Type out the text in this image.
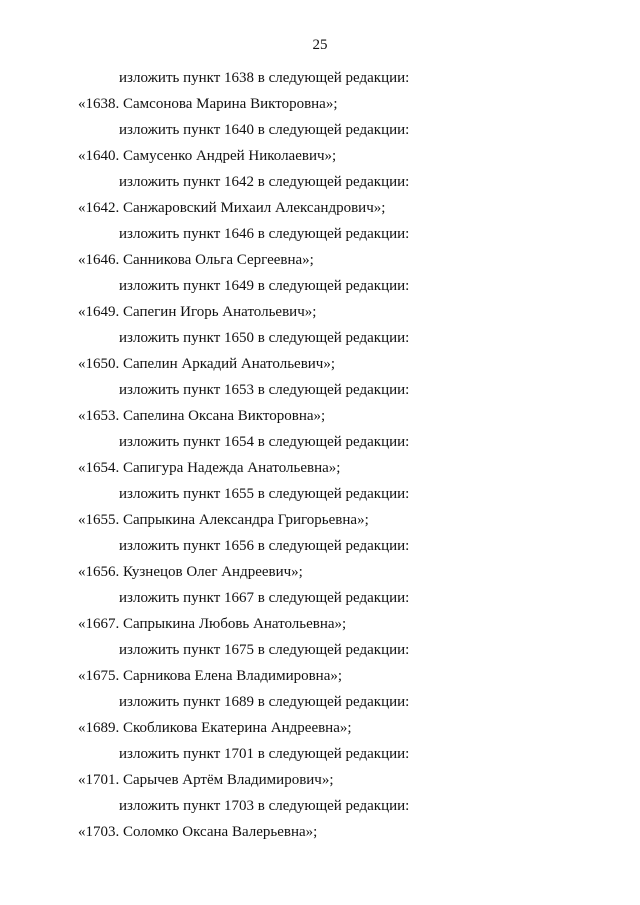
25
изложить пункт 1638 в следующей редакции:
«1638. Самсонова Марина Викторовна»;
изложить пункт 1640 в следующей редакции:
«1640. Самусенко Андрей Николаевич»;
изложить пункт 1642 в следующей редакции:
«1642. Санжаровский Михаил Александрович»;
изложить пункт 1646 в следующей редакции:
«1646. Санникова Ольга Сергеевна»;
изложить пункт 1649 в следующей редакции:
«1649. Сапегин Игорь Анатольевич»;
изложить пункт 1650 в следующей редакции:
«1650. Сапелин Аркадий Анатольевич»;
изложить пункт 1653 в следующей редакции:
«1653. Сапелина Оксана Викторовна»;
изложить пункт 1654 в следующей редакции:
«1654. Сапигура Надежда Анатольевна»;
изложить пункт 1655 в следующей редакции:
«1655. Сапрыкина Александра Григорьевна»;
изложить пункт 1656 в следующей редакции:
«1656. Кузнецов Олег Андреевич»;
изложить пункт 1667 в следующей редакции:
«1667. Сапрыкина Любовь Анатольевна»;
изложить пункт 1675 в следующей редакции:
«1675. Сарникова Елена Владимировна»;
изложить пункт 1689 в следующей редакции:
«1689. Скобликова Екатерина Андреевна»;
изложить пункт 1701 в следующей редакции:
«1701. Сарычев Артём Владимирович»;
изложить пункт 1703 в следующей редакции:
«1703. Соломко Оксана Валерьевна»;
